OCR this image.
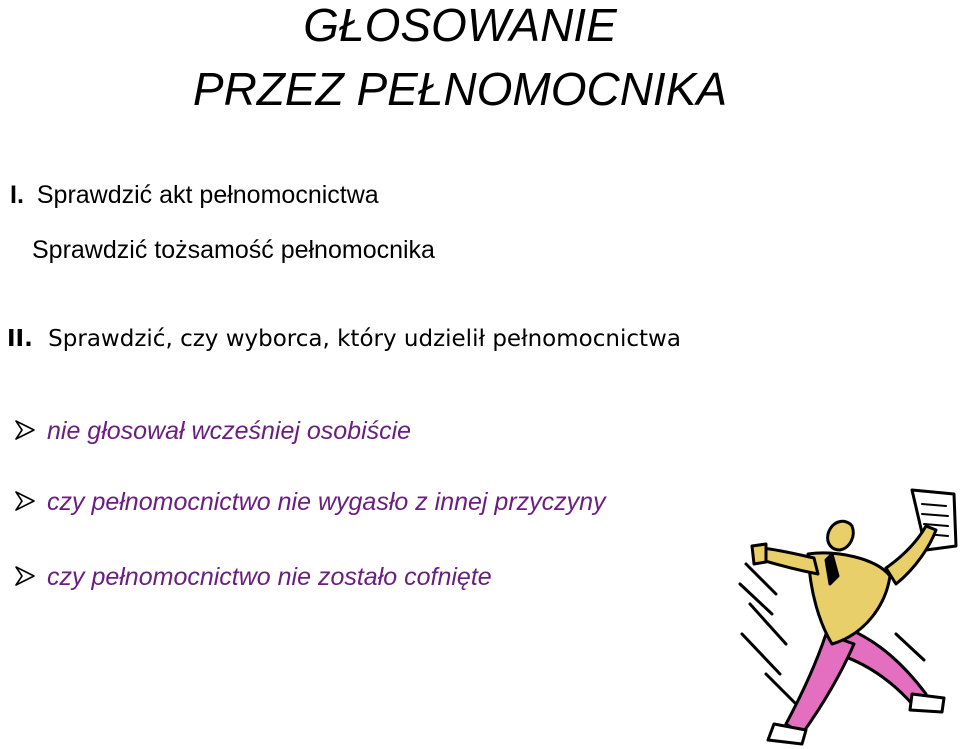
GŁOSOWANIE
PRZEZ PEŁNOMOCNIKA
I. Sprawdzić akt pełnomocnictwa
Sprawdzić tożsamość pełnomocnika
II. Sprawdzić, czy wyborca, który udzielił pełnomocnictwa
nie głosował wcześniej osobiście
czy pełnomocnictwo nie wygasło z innej przyczyny
czy pełnomocnictwo nie zostało cofnięte
